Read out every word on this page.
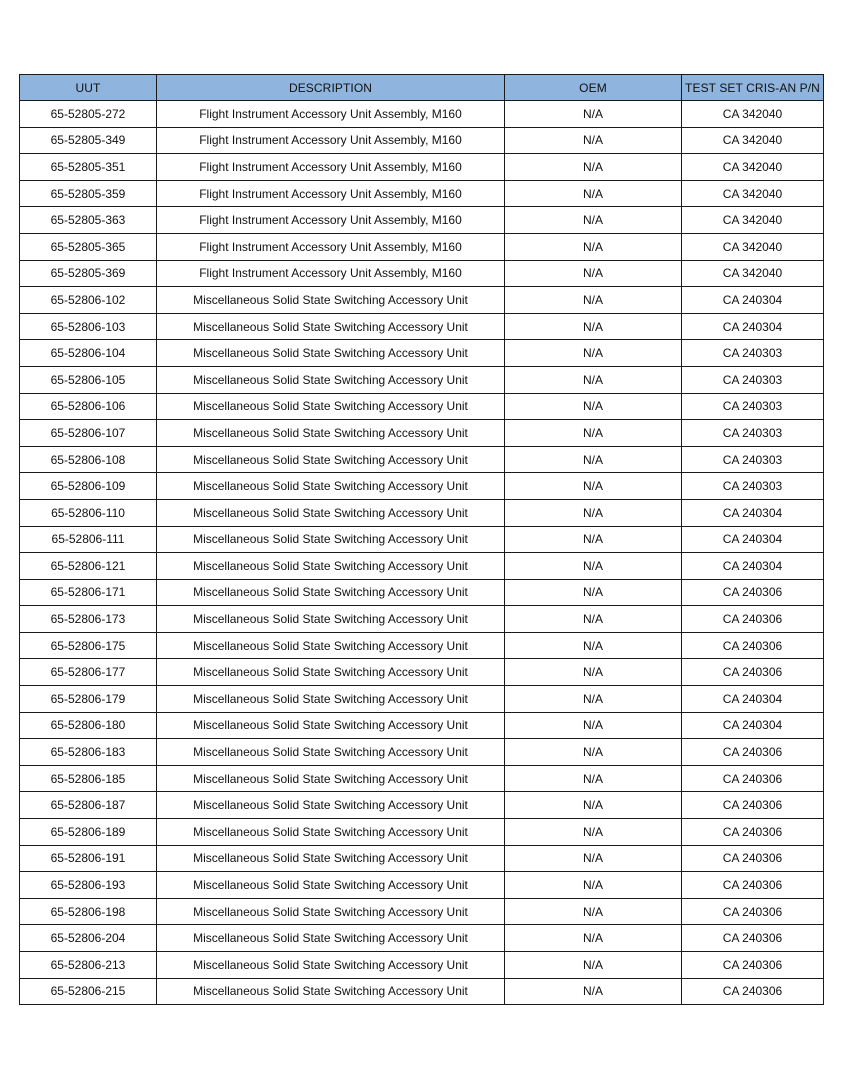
UUT	DESCRIPTION	OEM	TEST SET CRIS-AN P/N
65-52805-272	Flight Instrument Accessory Unit Assembly, M160	N/A	CA 342040
65-52805-349	Flight Instrument Accessory Unit Assembly, M160	N/A	CA 342040
65-52805-351	Flight Instrument Accessory Unit Assembly, M160	N/A	CA 342040
65-52805-359	Flight Instrument Accessory Unit Assembly, M160	N/A	CA 342040
65-52805-363	Flight Instrument Accessory Unit Assembly, M160	N/A	CA 342040
65-52805-365	Flight Instrument Accessory Unit Assembly, M160	N/A	CA 342040
65-52805-369	Flight Instrument Accessory Unit Assembly, M160	N/A	CA 342040
65-52806-102	Miscellaneous Solid State Switching Accessory Unit	N/A	CA 240304
65-52806-103	Miscellaneous Solid State Switching Accessory Unit	N/A	CA 240304
65-52806-104	Miscellaneous Solid State Switching Accessory Unit	N/A	CA 240303
65-52806-105	Miscellaneous Solid State Switching Accessory Unit	N/A	CA 240303
65-52806-106	Miscellaneous Solid State Switching Accessory Unit	N/A	CA 240303
65-52806-107	Miscellaneous Solid State Switching Accessory Unit	N/A	CA 240303
65-52806-108	Miscellaneous Solid State Switching Accessory Unit	N/A	CA 240303
65-52806-109	Miscellaneous Solid State Switching Accessory Unit	N/A	CA 240303
65-52806-110	Miscellaneous Solid State Switching Accessory Unit	N/A	CA 240304
65-52806-111	Miscellaneous Solid State Switching Accessory Unit	N/A	CA 240304
65-52806-121	Miscellaneous Solid State Switching Accessory Unit	N/A	CA 240304
65-52806-171	Miscellaneous Solid State Switching Accessory Unit	N/A	CA 240306
65-52806-173	Miscellaneous Solid State Switching Accessory Unit	N/A	CA 240306
65-52806-175	Miscellaneous Solid State Switching Accessory Unit	N/A	CA 240306
65-52806-177	Miscellaneous Solid State Switching Accessory Unit	N/A	CA 240306
65-52806-179	Miscellaneous Solid State Switching Accessory Unit	N/A	CA 240304
65-52806-180	Miscellaneous Solid State Switching Accessory Unit	N/A	CA 240304
65-52806-183	Miscellaneous Solid State Switching Accessory Unit	N/A	CA 240306
65-52806-185	Miscellaneous Solid State Switching Accessory Unit	N/A	CA 240306
65-52806-187	Miscellaneous Solid State Switching Accessory Unit	N/A	CA 240306
65-52806-189	Miscellaneous Solid State Switching Accessory Unit	N/A	CA 240306
65-52806-191	Miscellaneous Solid State Switching Accessory Unit	N/A	CA 240306
65-52806-193	Miscellaneous Solid State Switching Accessory Unit	N/A	CA 240306
65-52806-198	Miscellaneous Solid State Switching Accessory Unit	N/A	CA 240306
65-52806-204	Miscellaneous Solid State Switching Accessory Unit	N/A	CA 240306
65-52806-213	Miscellaneous Solid State Switching Accessory Unit	N/A	CA 240306
65-52806-215	Miscellaneous Solid State Switching Accessory Unit	N/A	CA 240306
